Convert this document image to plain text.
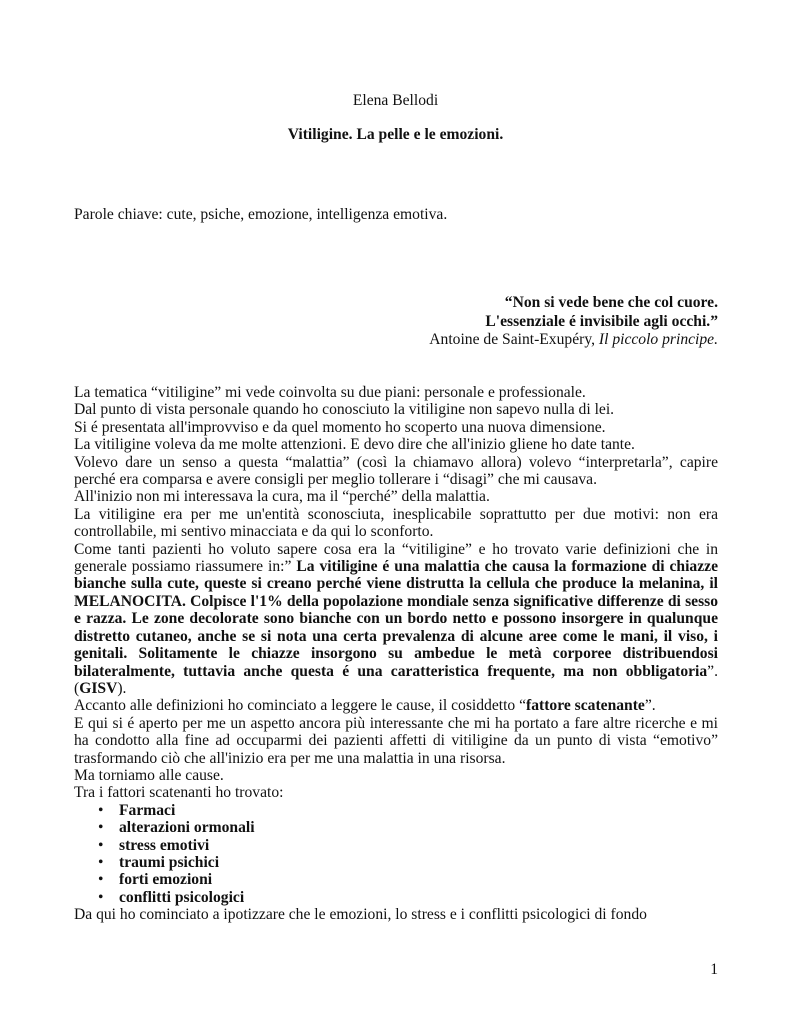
Elena Bellodi
Vitiligine. La pelle e le emozioni.
Parole chiave: cute, psiche, emozione, intelligenza emotiva.
“Non si vede bene che col cuore.
L'essenziale é invisibile agli occhi.”
Antoine de Saint-Exupéry, Il piccolo principe.

La tematica “vitiligine” mi vede coinvolta su due piani: personale e professionale.

Dal punto di vista personale quando ho conosciuto la vitiligine non sapevo nulla di lei.

Si é presentata all'improvviso e da quel momento ho scoperto una nuova dimensione.

La vitiligine voleva da me molte attenzioni. E devo dire che all'inizio gliene ho date tante.

Volevo dare un senso a questa “malattia” (così la chiamavo allora) volevo “interpretarla”, capire perché era comparsa e avere consigli per meglio tollerare i “disagi” che mi causava.

All'inizio non mi interessava la cura, ma il “perché” della malattia.

La vitiligine era per me un'entità sconosciuta, inesplicabile soprattutto per due motivi: non era controllabile, mi sentivo minacciata e da qui lo sconforto.

Come tanti pazienti ho voluto sapere cosa era la “vitiligine” e ho trovato varie definizioni che in generale possiamo riassumere in:” La vitiligine é una malattia che causa la formazione di chiazze bianche sulla cute, queste si creano perché viene distrutta la cellula che produce la melanina, il MELANOCITA. Colpisce l'1% della popolazione mondiale senza significative differenze di sesso e razza. Le zone decolorate sono bianche con un bordo netto e possono insorgere in qualunque distretto cutaneo, anche se si nota una certa prevalenza di alcune aree come le mani, il viso, i genitali. Solitamente le chiazze insorgono su ambedue le metà corporee distribuendosi bilateralmente, tuttavia anche questa é una caratteristica frequente, ma non obbligatoria”. (GISV).

Accanto alle definizioni ho cominciato a leggere le cause, il cosiddetto “fattore scatenante”.

E qui si é aperto per me un aspetto ancora più interessante che mi ha portato a fare altre ricerche e mi ha condotto alla fine ad occuparmi dei pazienti affetti di vitiligine da un punto di vista “emotivo” trasformando ciò che all'inizio era per me una malattia in una risorsa.

Ma torniamo alle cause.

Tra i fattori scatenanti ho trovato:

• Farmaci
• alterazioni ormonali
• stress emotivi
• traumi psichici
• forti emozioni
• conflitti psicologici

Da qui ho cominciato a ipotizzare che le emozioni, lo stress e i conflitti psicologici di fondo

1
